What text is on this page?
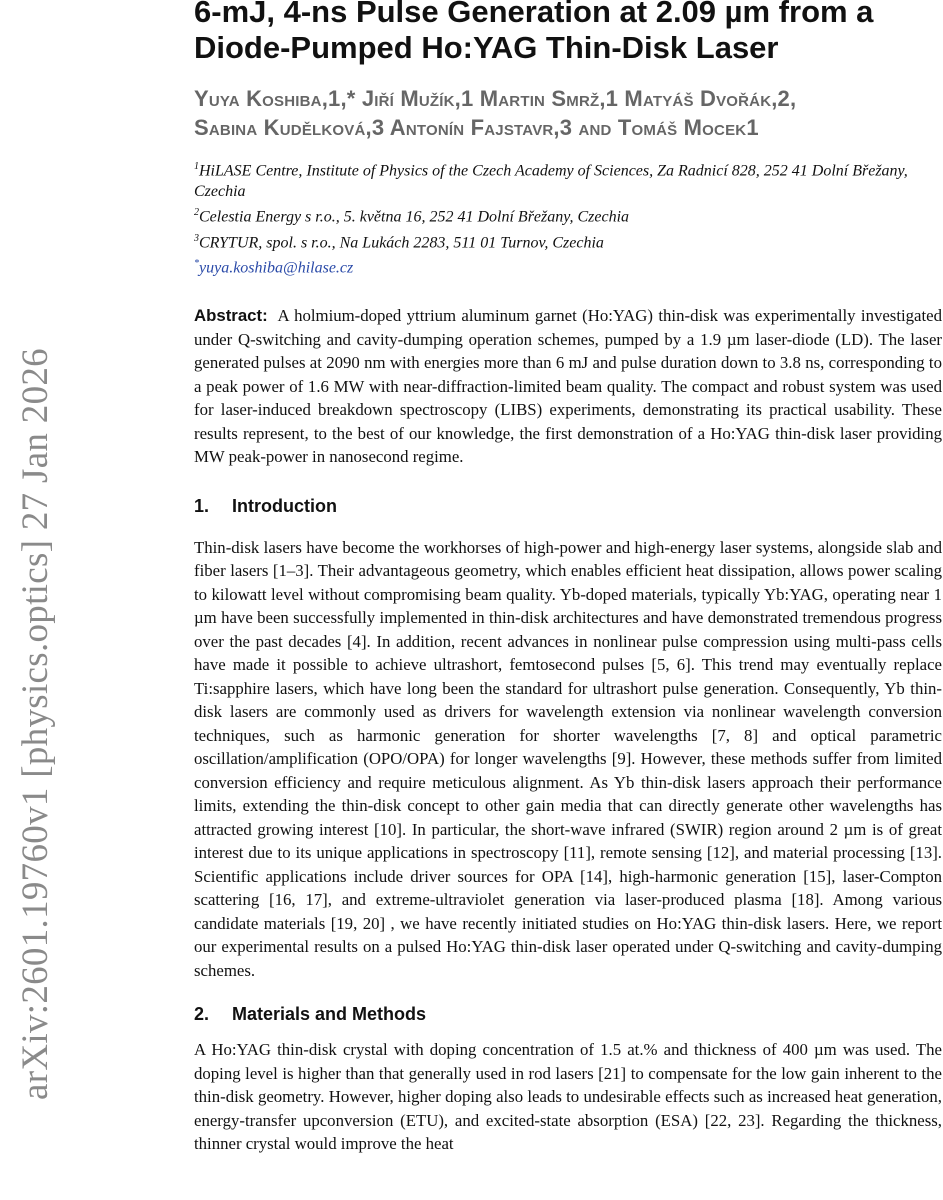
arXiv:2601.19760v1 [physics.optics] 27 Jan 2026
6-mJ, 4-ns Pulse Generation at 2.09 µm from a
Diode-Pumped Ho:YAG Thin-Disk Laser
Yuya Koshiba,1,* Jiří Mužík,1 Martin Smrž,1 Matyáš Dvořák,2,
Sabina Kudělková,3 Antonín Fajstavr,3 and Tomáš Mocek1
$^1$HiLASE Centre, Institute of Physics of the Czech Academy of Sciences, Za Radnicí 828, 252 41 Dolní Břežany, Czechia
$^2$Celestia Energy s r.o., 5. května 16, 252 41 Dolní Břežany, Czechia
$^3$CRYTUR, spol. s r.o., Na Lukách 2283, 511 01 Turnov, Czechia
*yuya.koshiba@hilase.cz
Abstract: A holmium-doped yttrium aluminum garnet (Ho:YAG) thin-disk was experimentally investigated under Q-switching and cavity-dumping operation schemes, pumped by a 1.9 µm laser-diode (LD). The laser generated pulses at 2090 nm with energies more than 6 mJ and pulse duration down to 3.8 ns, corresponding to a peak power of 1.6 MW with near-diffraction-limited beam quality. The compact and robust system was used for laser-induced breakdown spectroscopy (LIBS) experiments, demonstrating its practical usability. These results represent, to the best of our knowledge, the first demonstration of a Ho:YAG thin-disk laser providing MW peak-power in nanosecond regime.
1. Introduction

Thin-disk lasers have become the workhorses of high-power and high-energy laser systems, alongside slab and fiber lasers [1–3]. Their advantageous geometry, which enables efficient heat dissipation, allows power scaling to kilowatt level without compromising beam quality. Yb-doped materials, typically Yb:YAG, operating near 1 µm have been successfully implemented in thin-disk architectures and have demonstrated tremendous progress over the past decades [4]. In addition, recent advances in nonlinear pulse compression using multi-pass cells have made it possible to achieve ultrashort, femtosecond pulses [5, 6]. This trend may eventually replace Ti:sapphire lasers, which have long been the standard for ultrashort pulse generation. Consequently, Yb thin-disk lasers are commonly used as drivers for wavelength extension via nonlinear wavelength conversion techniques, such as harmonic generation for shorter wavelengths [7, 8] and optical parametric oscillation/amplification (OPO/OPA) for longer wavelengths [9]. However, these methods suffer from limited conversion efficiency and require meticulous alignment. As Yb thin-disk lasers approach their performance limits, extending the thin-disk concept to other gain media that can directly generate other wavelengths has attracted growing interest [10]. In particular, the short-wave infrared (SWIR) region around 2 µm is of great interest due to its unique applications in spectroscopy [11], remote sensing [12], and material processing [13]. Scientific applications include driver sources for OPA [14], high-harmonic generation [15], laser-Compton scattering [16, 17], and extreme-ultraviolet generation via laser-produced plasma [18]. Among various candidate materials [19, 20] , we have recently initiated studies on Ho:YAG thin-disk lasers. Here, we report our experimental results on a pulsed Ho:YAG thin-disk laser operated under Q-switching and cavity-dumping schemes.

2. Materials and Methods

A Ho:YAG thin-disk crystal with doping concentration of 1.5 at.% and thickness of 400 µm was used. The doping level is higher than that generally used in rod lasers [21] to compensate for the low gain inherent to the thin-disk geometry. However, higher doping also leads to undesirable effects such as increased heat generation, energy-transfer upconversion (ETU), and excited-state absorption (ESA) [22, 23]. Regarding the thickness, thinner crystal would improve the heat
